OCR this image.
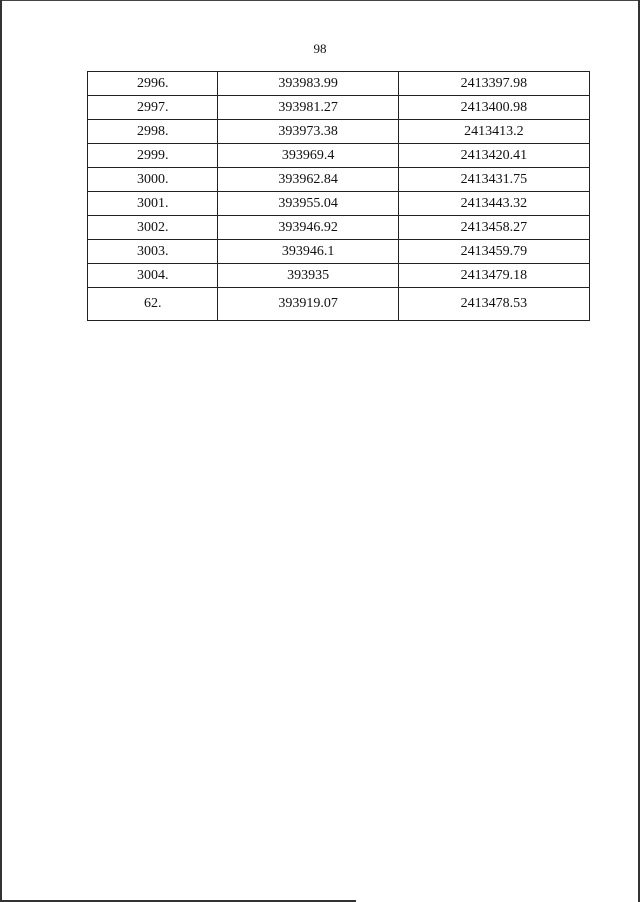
98
2996.	393983.99	2413397.98
2997.	393981.27	2413400.98
2998.	393973.38	2413413.2
2999.	393969.4	2413420.41
3000.	393962.84	2413431.75
3001.	393955.04	2413443.32
3002.	393946.92	2413458.27
3003.	393946.1	2413459.79
3004.	393935	2413479.18
62.	393919.07	2413478.53
